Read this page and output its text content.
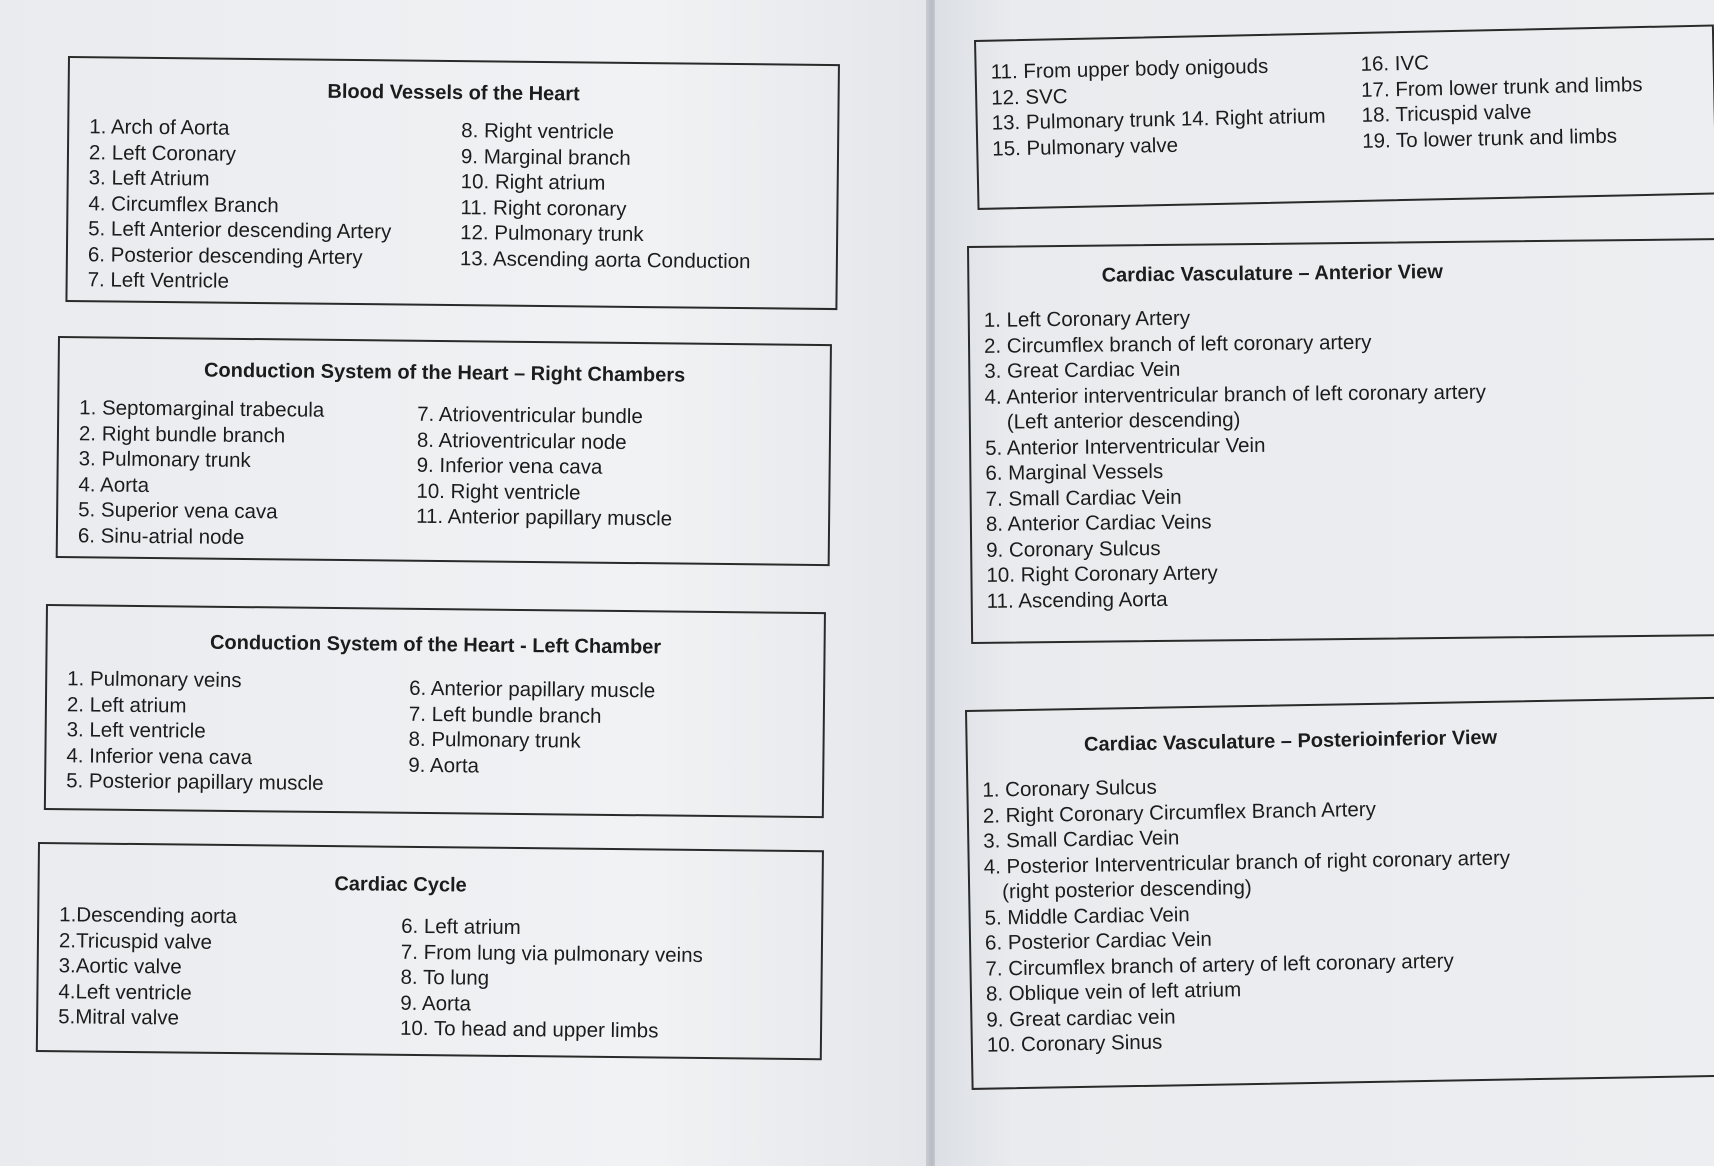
Blood Vessels of the Heart
1. Arch of Aorta
2. Left Coronary
3. Left Atrium
4. Circumflex Branch
5. Left Anterior descending Artery
6. Posterior descending Artery
7. Left Ventricle
8. Right ventricle
9. Marginal branch
10. Right atrium
11. Right coronary
12. Pulmonary trunk
13. Ascending aorta Conduction
Conduction System of the Heart – Right Chambers
1. Septomarginal trabecula
2. Right bundle branch
3. Pulmonary trunk
4. Aorta
5. Superior vena cava
6. Sinu-atrial node
7. Atrioventricular bundle
8. Atrioventricular node
9. Inferior vena cava
10. Right ventricle
11. Anterior papillary muscle
Conduction System of the Heart - Left Chamber
1. Pulmonary veins
2. Left atrium
3. Left ventricle
4. Inferior vena cava
5. Posterior papillary muscle
6. Anterior papillary muscle
7. Left bundle branch
8. Pulmonary trunk
9. Aorta
Cardiac Cycle
1.Descending aorta
2.Tricuspid valve
3.Aortic valve
4.Left ventricle
5.Mitral valve
6. Left atrium
7. From lung via pulmonary veins
8. To lung
9. Aorta
10. To head and upper limbs
11. From upper body onigouds
12. SVC
13. Pulmonary trunk 14. Right atrium
15. Pulmonary valve
16. IVC
17. From lower trunk and limbs
18. Tricuspid valve
19. To lower trunk and limbs
Cardiac Vasculature – Anterior View
1. Left Coronary Artery
2. Circumflex branch of left coronary artery
3. Great Cardiac Vein
4. Anterior interventricular branch of left coronary artery
(Left anterior descending)
5. Anterior Interventricular Vein
6. Marginal Vessels
7. Small Cardiac Vein
8. Anterior Cardiac Veins
9. Coronary Sulcus
10. Right Coronary Artery
11. Ascending Aorta
Cardiac Vasculature – Posterioinferior View
1. Coronary Sulcus
2. Right Coronary Circumflex Branch Artery
3. Small Cardiac Vein
4. Posterior Interventricular branch of right coronary artery
(right posterior descending)
5. Middle Cardiac Vein
6. Posterior Cardiac Vein
7. Circumflex branch of artery of left coronary artery
8. Oblique vein of left atrium
9. Great cardiac vein
10. Coronary Sinus
